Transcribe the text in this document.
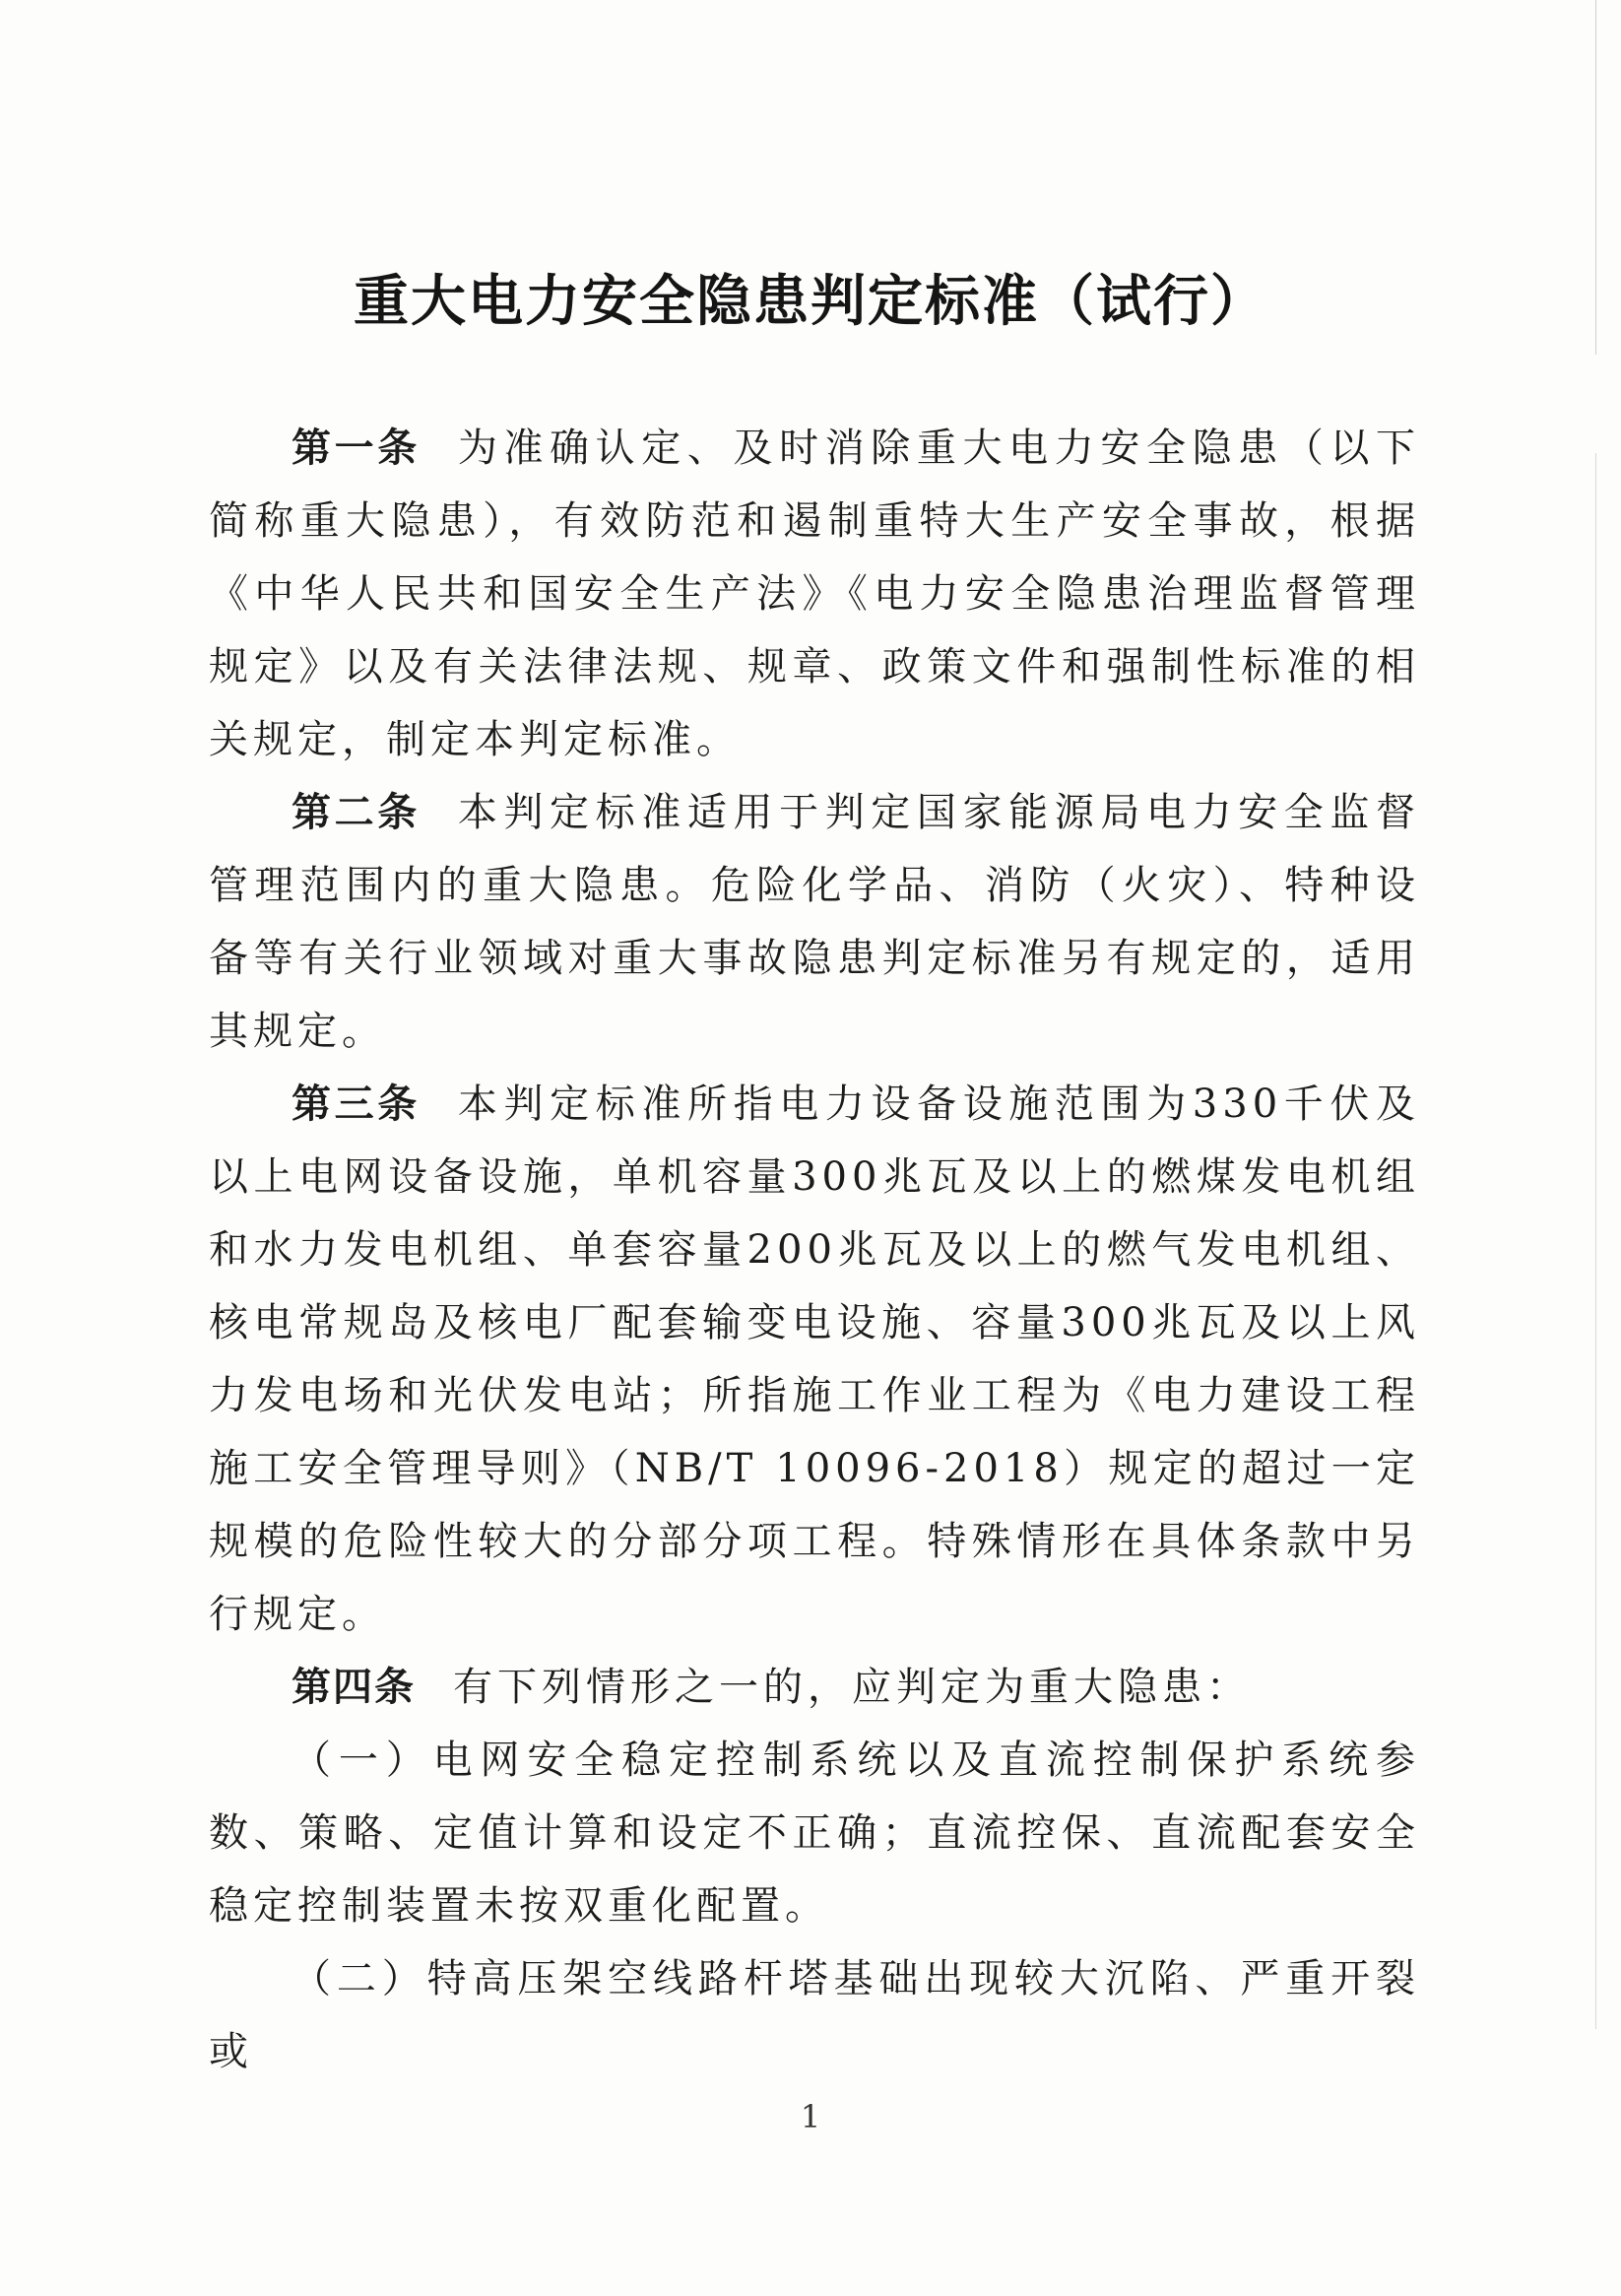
重大电力安全隐患判定标准（试行）

第一条 为准确认定、及时消除重大电力安全隐患（以下简称重大隐患），有效防范和遏制重特大生产安全事故，根据《中华人民共和国安全生产法》《电力安全隐患治理监督管理规定》以及有关法律法规、规章、政策文件和强制性标准的相关规定，制定本判定标准。

第二条 本判定标准适用于判定国家能源局电力安全监督管理范围内的重大隐患。危险化学品、消防（火灾）、特种设备等有关行业领域对重大事故隐患判定标准另有规定的，适用其规定。

第三条 本判定标准所指电力设备设施范围为330千伏及以上电网设备设施，单机容量300兆瓦及以上的燃煤发电机组和水力发电机组、单套容量200兆瓦及以上的燃气发电机组、核电常规岛及核电厂配套输变电设施、容量300兆瓦及以上风力发电场和光伏发电站；所指施工作业工程为《电力建设工程施工安全管理导则》（NB/T 10096-2018）规定的超过一定规模的危险性较大的分部分项工程。特殊情形在具体条款中另行规定。

第四条 有下列情形之一的，应判定为重大隐患：

（一）电网安全稳定控制系统以及直流控制保护系统参数、策略、定值计算和设定不正确；直流控保、直流配套安全稳定控制装置未按双重化配置。

（二）特高压架空线路杆塔基础出现较大沉陷、严重开裂或

1
